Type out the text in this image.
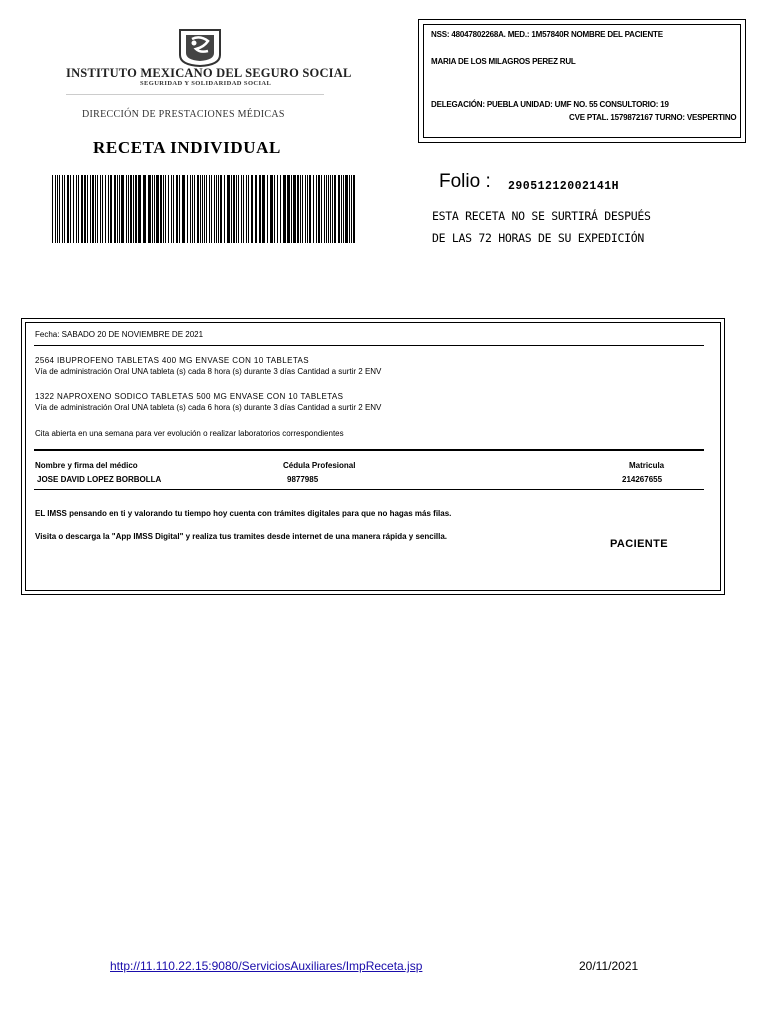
INSTITUTO MEXICANO DEL SEGURO SOCIAL
SEGURIDAD Y SOLIDARIDAD SOCIAL
DIRECCIÓN DE PRESTACIONES MÉDICAS
RECETA INDIVIDUAL
NSS: 48047802268A. MED.: 1M57840R NOMBRE DEL PACIENTE
MARIA DE LOS MILAGROS PEREZ RUL
DELEGACIÓN: PUEBLA UNIDAD: UMF NO. 55 CONSULTORIO: 19
CVE PTAL. 1579872167 TURNO: VESPERTINO
Folio : 29051212002141H
ESTA RECETA NO SE SURTIRÁ DESPUÉS
DE LAS 72 HORAS DE SU EXPEDICIÓN
Fecha: SABADO 20 DE NOVIEMBRE DE 2021
2564 IBUPROFENO TABLETAS 400 MG ENVASE CON 10 TABLETAS
Vía de administración Oral UNA tableta (s) cada 8 hora (s) durante 3 días Cantidad a surtir 2 ENV
1322 NAPROXENO SODICO TABLETAS 500 MG ENVASE CON 10 TABLETAS
Vía de administración Oral UNA tableta (s) cada 6 hora (s) durante 3 días Cantidad a surtir 2 ENV
Cita abierta en una semana para ver evolución o realizar laboratorios correspondientes
Nombre y firma del médico	Cédula Profesional	Matricula
JOSE DAVID LOPEZ BORBOLLA	9877985	214267655
EL IMSS pensando en ti y valorando tu tiempo hoy cuenta con trámites digitales para que no hagas más filas.
Visita o descarga la "App IMSS Digital" y realiza tus tramites desde internet de una manera rápida y sencilla.
PACIENTE
http://11.110.22.15:9080/ServiciosAuxiliares/ImpReceta.jsp	20/11/2021
